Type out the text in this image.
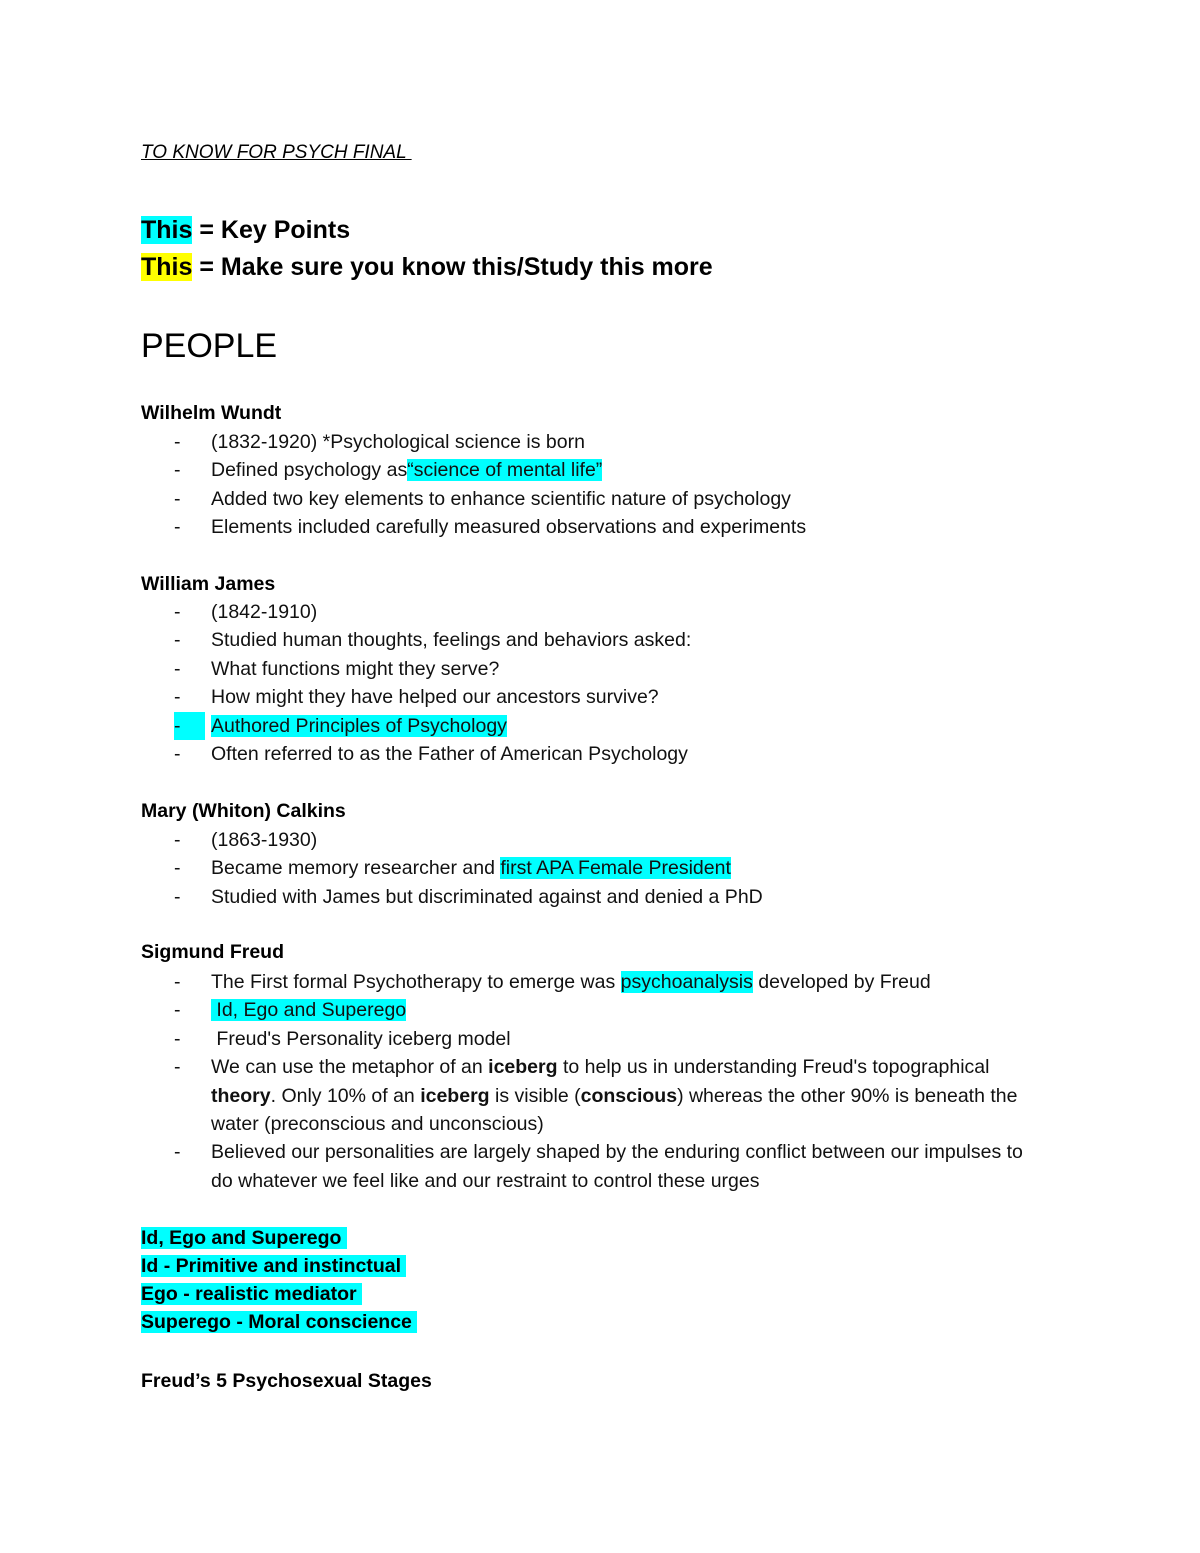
TO KNOW FOR PSYCH FINAL
This = Key Points
This = Make sure you know this/Study this more
PEOPLE
Wilhelm Wundt
- (1832-1920) *Psychological science is born
- Defined psychology as“science of mental life”
- Added two key elements to enhance scientific nature of psychology
- Elements included carefully measured observations and experiments
William James
- (1842-1910)
- Studied human thoughts, feelings and behaviors asked:
- What functions might they serve?
- How might they have helped our ancestors survive?
-	Authored Principles of Psychology
- Often referred to as the Father of American Psychology
Mary (Whiton) Calkins
- (1863-1930)
- Became memory researcher and first APA Female President
- Studied with James but discriminated against and denied a PhD
Sigmund Freud
- The First formal Psychotherapy to emerge was psychoanalysis developed by Freud
- Id, Ego and Superego
- Freud's Personality iceberg model
- We can use the metaphor of an iceberg to help us in understanding Freud's topographical theory. Only 10% of an iceberg is visible (conscious) whereas the other 90% is beneath the water (preconscious and unconscious)
- Believed our personalities are largely shaped by the enduring conflict between our impulses to do whatever we feel like and our restraint to control these urges
Id, Ego and Superego
Id - Primitive and instinctual
Ego - realistic mediator
Superego - Moral conscience
Freud’s 5 Psychosexual Stages
